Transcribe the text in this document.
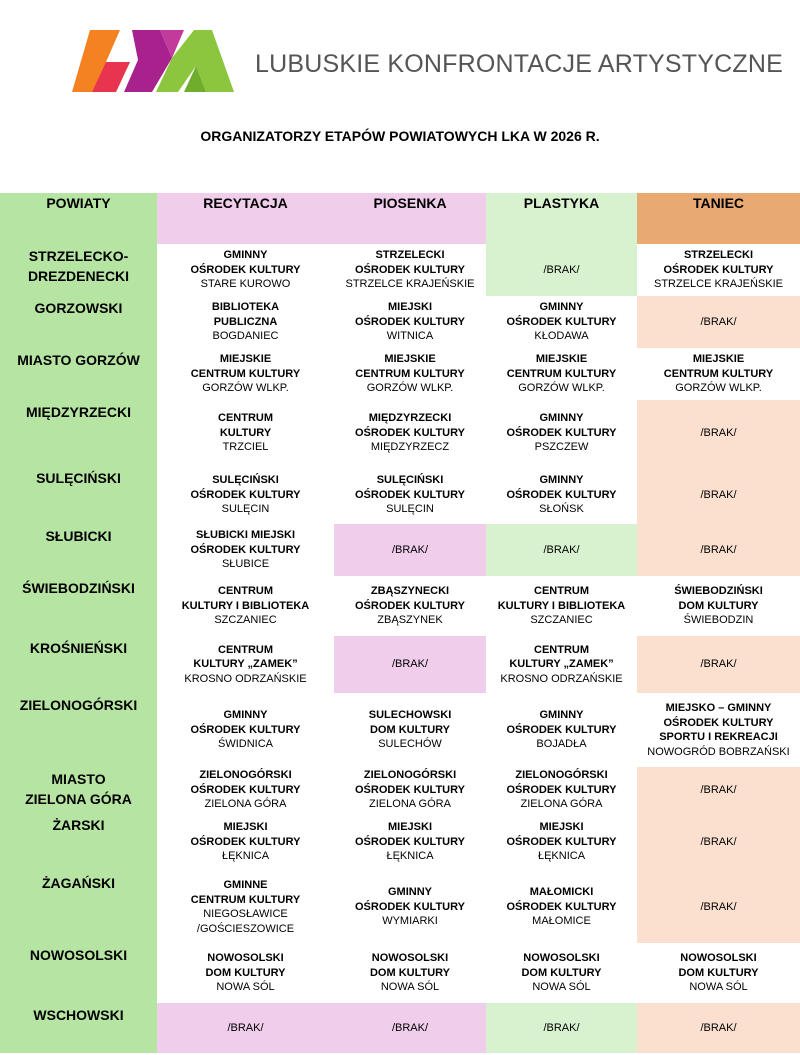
LUBUSKIE KONFRONTACJE ARTYSTYCZNE
ORGANIZATORZY ETAPÓW POWIATOWYCH LKA W 2026 R.
POWIATY	RECYTACJA	PIOSENKA	PLASTYKA	TANIEC

STRZELECKO-
DREZDENECKI	GMINNY
OŚRODEK KULTURY
STARE KUROWO	STRZELECKI
OŚRODEK KULTURY
STRZELCE KRAJEŃSKIE	/BRAK/	STRZELECKI
OŚRODEK KULTURY
STRZELCE KRAJEŃSKIE

GORZOWSKI	BIBLIOTEKA
PUBLICZNA
BOGDANIEC	MIEJSKI
OŚRODEK KULTURY
WITNICA	GMINNY
OŚRODEK KULTURY
KŁODAWA	/BRAK/

MIASTO GORZÓW	MIEJSKIE
CENTRUM KULTURY
GORZÓW WLKP.	MIEJSKIE
CENTRUM KULTURY
GORZÓW WLKP.	MIEJSKIE
CENTRUM KULTURY
GORZÓW WLKP.	MIEJSKIE
CENTRUM KULTURY
GORZÓW WLKP.

MIĘDZYRZECKI	CENTRUM
KULTURY
TRZCIEL	MIĘDZYRZECKI
OŚRODEK KULTURY
MIĘDZYRZECZ	GMINNY
OŚRODEK KULTURY
PSZCZEW	/BRAK/

SULĘCIŃSKI	SULĘCIŃSKI
OŚRODEK KULTURY
SULĘCIN	SULĘCIŃSKI
OŚRODEK KULTURY
SULĘCIN	GMINNY
OŚRODEK KULTURY
SŁOŃSK	/BRAK/

SŁUBICKI	SŁUBICKI MIEJSKI
OŚRODEK KULTURY
SŁUBICE	/BRAK/	/BRAK/	/BRAK/

ŚWIEBODZIŃSKI	CENTRUM
KULTURY I BIBLIOTEKA
SZCZANIEC	ZBĄSZYNECKI
OŚRODEK KULTURY
ZBĄSZYNEK	CENTRUM
KULTURY I BIBLIOTEKA
SZCZANIEC	ŚWIEBODZIŃSKI
DOM KULTURY
ŚWIEBODZIN

KROŚNIEŃSKI	CENTRUM
KULTURY „ZAMEK”
KROSNO ODRZAŃSKIE	/BRAK/	CENTRUM
KULTURY „ZAMEK”
KROSNO ODRZAŃSKIE	/BRAK/

ZIELONOGÓRSKI	GMINNY
OŚRODEK KULTURY
ŚWIDNICA	SULECHOWSKI
DOM KULTURY
SULECHÓW	GMINNY
OŚRODEK KULTURY
BOJADŁA	MIEJSKO – GMINNY
OŚRODEK KULTURY
SPORTU I REKREACJI
NOWOGRÓD BOBRZAŃSKI

MIASTO
ZIELONA GÓRA	ZIELONOGÓRSKI
OŚRODEK KULTURY
ZIELONA GÓRA	ZIELONOGÓRSKI
OŚRODEK KULTURY
ZIELONA GÓRA	ZIELONOGÓRSKI
OŚRODEK KULTURY
ZIELONA GÓRA	/BRAK/

ŻARSKI	MIEJSKI
OŚRODEK KULTURY
ŁĘKNICA	MIEJSKI
OŚRODEK KULTURY
ŁĘKNICA	MIEJSKI
OŚRODEK KULTURY
ŁĘKNICA	/BRAK/

ŻAGAŃSKI	GMINNE
CENTRUM KULTURY
NIEGOSŁAWICE
/GOŚCIESZOWICE	GMINNY
OŚRODEK KULTURY
WYMIARKI	MAŁOMICKI
OŚRODEK KULTURY
MAŁOMICE	/BRAK/

NOWOSOLSKI	NOWOSOLSKI
DOM KULTURY
NOWA SÓL	NOWOSOLSKI
DOM KULTURY
NOWA SÓL	NOWOSOLSKI
DOM KULTURY
NOWA SÓL	NOWOSOLSKI
DOM KULTURY
NOWA SÓL

WSCHOWSKI	/BRAK/	/BRAK/	/BRAK/	/BRAK/
